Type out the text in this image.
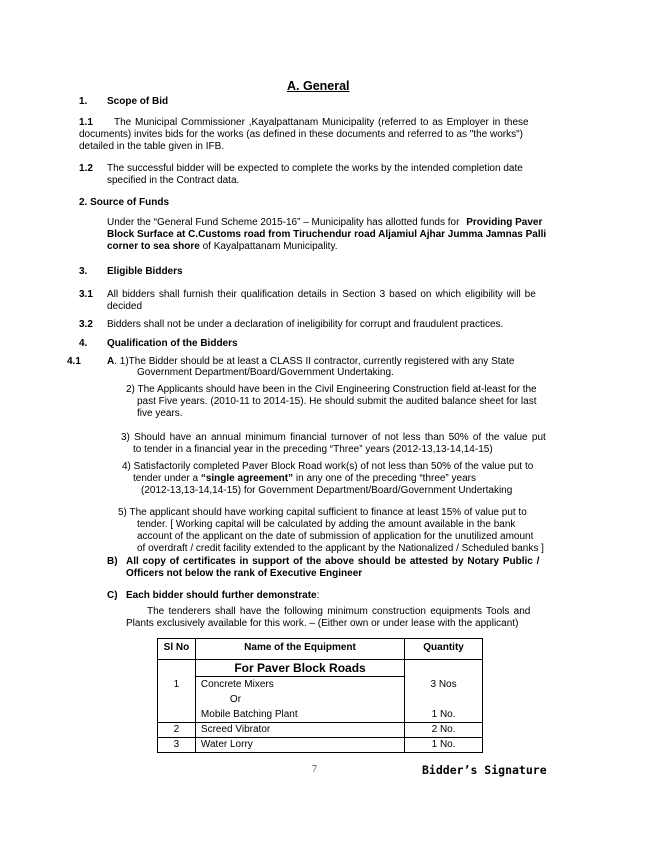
A. General
1. Scope of Bid
1.1 The Municipal Commissioner ,Kayalpattanam Municipality (referred to as Employer in these
documents) invites bids for the works (as defined in these documents and referred to as "the works")
detailed in the table given in IFB.
1.2 The successful bidder will be expected to complete the works by the intended completion date
specified in the Contract data.
2. Source of Funds
Under the “General Fund Scheme 2015-16” – Municipality has allotted funds for Providing Paver
Block Surface at C.Customs road from Tiruchendur road Aljamiul Ajhar Jumma Jamnas Palli
corner to sea shore of Kayalpattanam Municipality.
3. Eligible Bidders
3.1 All bidders shall furnish their qualification details in Section 3 based on which eligibility will be
decided
3.2 Bidders shall not be under a declaration of ineligibility for corrupt and fraudulent practices.
4. Qualification of the Bidders
4.1	A. 1)The Bidder should be at least a CLASS II contractor, currently registered with any State
Government Department/Board/Government Undertaking.
2) The Applicants should have been in the Civil Engineering Construction field at-least for the
past Five years. (2010-11 to 2014-15). He should submit the audited balance sheet for last
five years.
3) Should have an annual minimum financial turnover of not less than 50% of the value put
to tender in a financial year in the preceding “Three” years (2012-13,13-14,14-15)
4) Satisfactorily completed Paver Block Road work(s) of not less than 50% of the value put to
tender under a “single agreement” in any one of the preceding “three” years
(2012-13,13-14,14-15) for Government Department/Board/Government Undertaking
5) The applicant should have working capital sufficient to finance at least 15% of value put to
tender. [ Working capital will be calculated by adding the amount available in the bank
account of the applicant on the date of submission of application for the unutilized amount
of overdraft / credit facility extended to the applicant by the Nationalized / Scheduled banks ]
B) All copy of certificates in support of the above should be attested by Notary Public /
Officers not below the rank of Executive Engineer
C) Each bidder should further demonstrate:
The tenderers shall have the following minimum construction equipments Tools and
Plants exclusively available for this work. – (Either own or under lease with the applicant)
Sl No	Name of the Equipment	Quantity
	For Paver Block Roads	
1	Concrete Mixers	3 Nos
	Or	
	Mobile Batching Plant	1 No.
2	Screed Vibrator	2 No.
3	Water Lorry	1 No.
7	Bidder’s Signature
